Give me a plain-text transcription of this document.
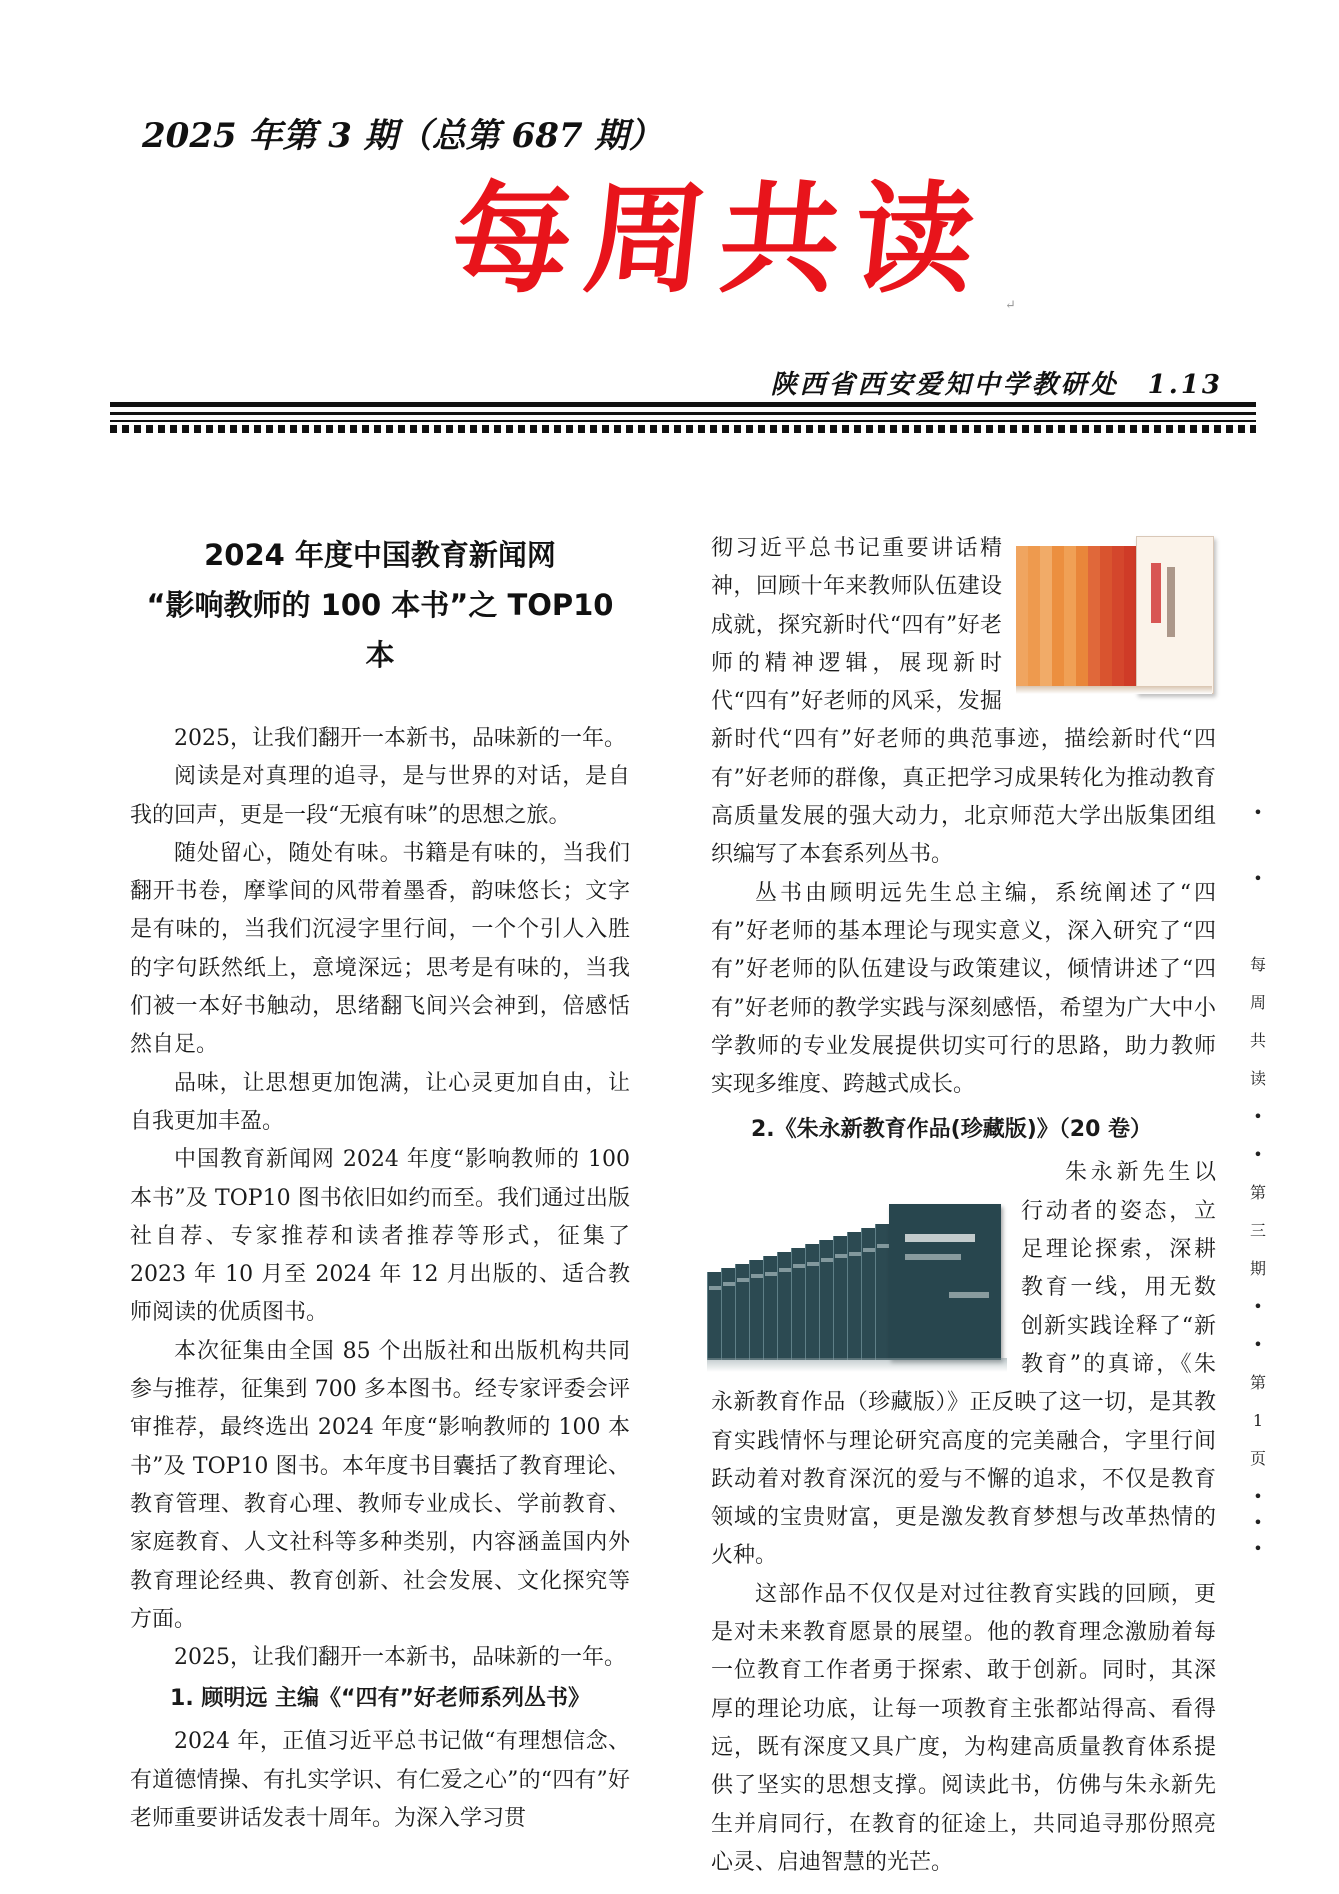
2025 年第 3 期（总第 687 期）
每周共读 ↵
陕西省西安爱知中学教研处　1.13

2024 年度中国教育新闻网

“影响教师的 100 本书”之 TOP10 本

2025，让我们翻开一本新书，品味新的一年。

阅读是对真理的追寻，是与世界的对话，是自我的回声，更是一段“无痕有味”的思想之旅。

随处留心，随处有味。书籍是有味的，当我们翻开书卷，摩挲间的风带着墨香，韵味悠长；文字是有味的，当我们沉浸字里行间，一个个引人入胜的字句跃然纸上，意境深远；思考是有味的，当我们被一本好书触动，思绪翻飞间兴会神到，倍感恬然自足。

品味，让思想更加饱满，让心灵更加自由，让自我更加丰盈。

中国教育新闻网 2024 年度“影响教师的 100 本书”及 TOP10 图书依旧如约而至。我们通过出版社自荐、专家推荐和读者推荐等形式，征集了 2023 年 10 月至 2024 年 12 月出版的、适合教师阅读的优质图书。

本次征集由全国 85 个出版社和出版机构共同参与推荐，征集到 700 多本图书。经专家评委会评审推荐，最终选出 2024 年度“影响教师的 100 本书”及 TOP10 图书。本年度书目囊括了教育理论、教育管理、教育心理、教师专业成长、学前教育、家庭教育、人文社科等多种类别，内容涵盖国内外教育理论经典、教育创新、社会发展、文化探究等方面。

2025，让我们翻开一本新书，品味新的一年。

1. 顾明远 主编《“四有”好老师系列丛书》

2024 年，正值习近平总书记做“有理想信念、有道德情操、有扎实学识、有仁爱之心”的“四有”好老师重要讲话发表十周年。为深入学习贯

彻习近平总书记重要讲话精神，回顾十年来教师队伍建设成就，探究新时代“四有”好老师的精神逻辑，展现新时代“四有”好老师的风采，发掘新时代“四有”好老师的典范事迹，描绘新时代“四有”好老师的群像，真正把学习成果转化为推动教育高质量发展的强大动力，北京师范大学出版集团组织编写了本套系列丛书。

丛书由顾明远先生总主编，系统阐述了“四有”好老师的基本理论与现实意义，深入研究了“四有”好老师的队伍建设与政策建议，倾情讲述了“四有”好老师的教学实践与深刻感悟，希望为广大中小学教师的专业发展提供切实可行的思路，助力教师实现多维度、跨越式成长。

2.《朱永新教育作品(珍藏版)》（20 卷）

朱永新先生以行动者的姿态，立足理论探索，深耕教育一线，用无数创新实践诠释了“新教育”的真谛，《朱永新教育作品（珍藏版）》正反映了这一切，是其教育实践情怀与理论研究高度的完美融合，字里行间跃动着对教育深沉的爱与不懈的追求，不仅是教育领域的宝贵财富，更是激发教育梦想与改革热情的火种。

这部作品不仅仅是对过往教育实践的回顾，更是对未来教育愿景的展望。他的教育理念激励着每一位教育工作者勇于探索、敢于创新。同时，其深厚的理论功底，让每一项教育主张都站得高、看得远，既有深度又具广度，为构建高质量教育体系提供了坚实的思想支撑。阅读此书，仿佛与朱永新先生并肩同行，在教育的征途上，共同追寻那份照亮心灵、启迪智慧的光芒。

•
•
每
周
共
读
•
•
第
三
期
•
•
第
1
页
•
•
•
